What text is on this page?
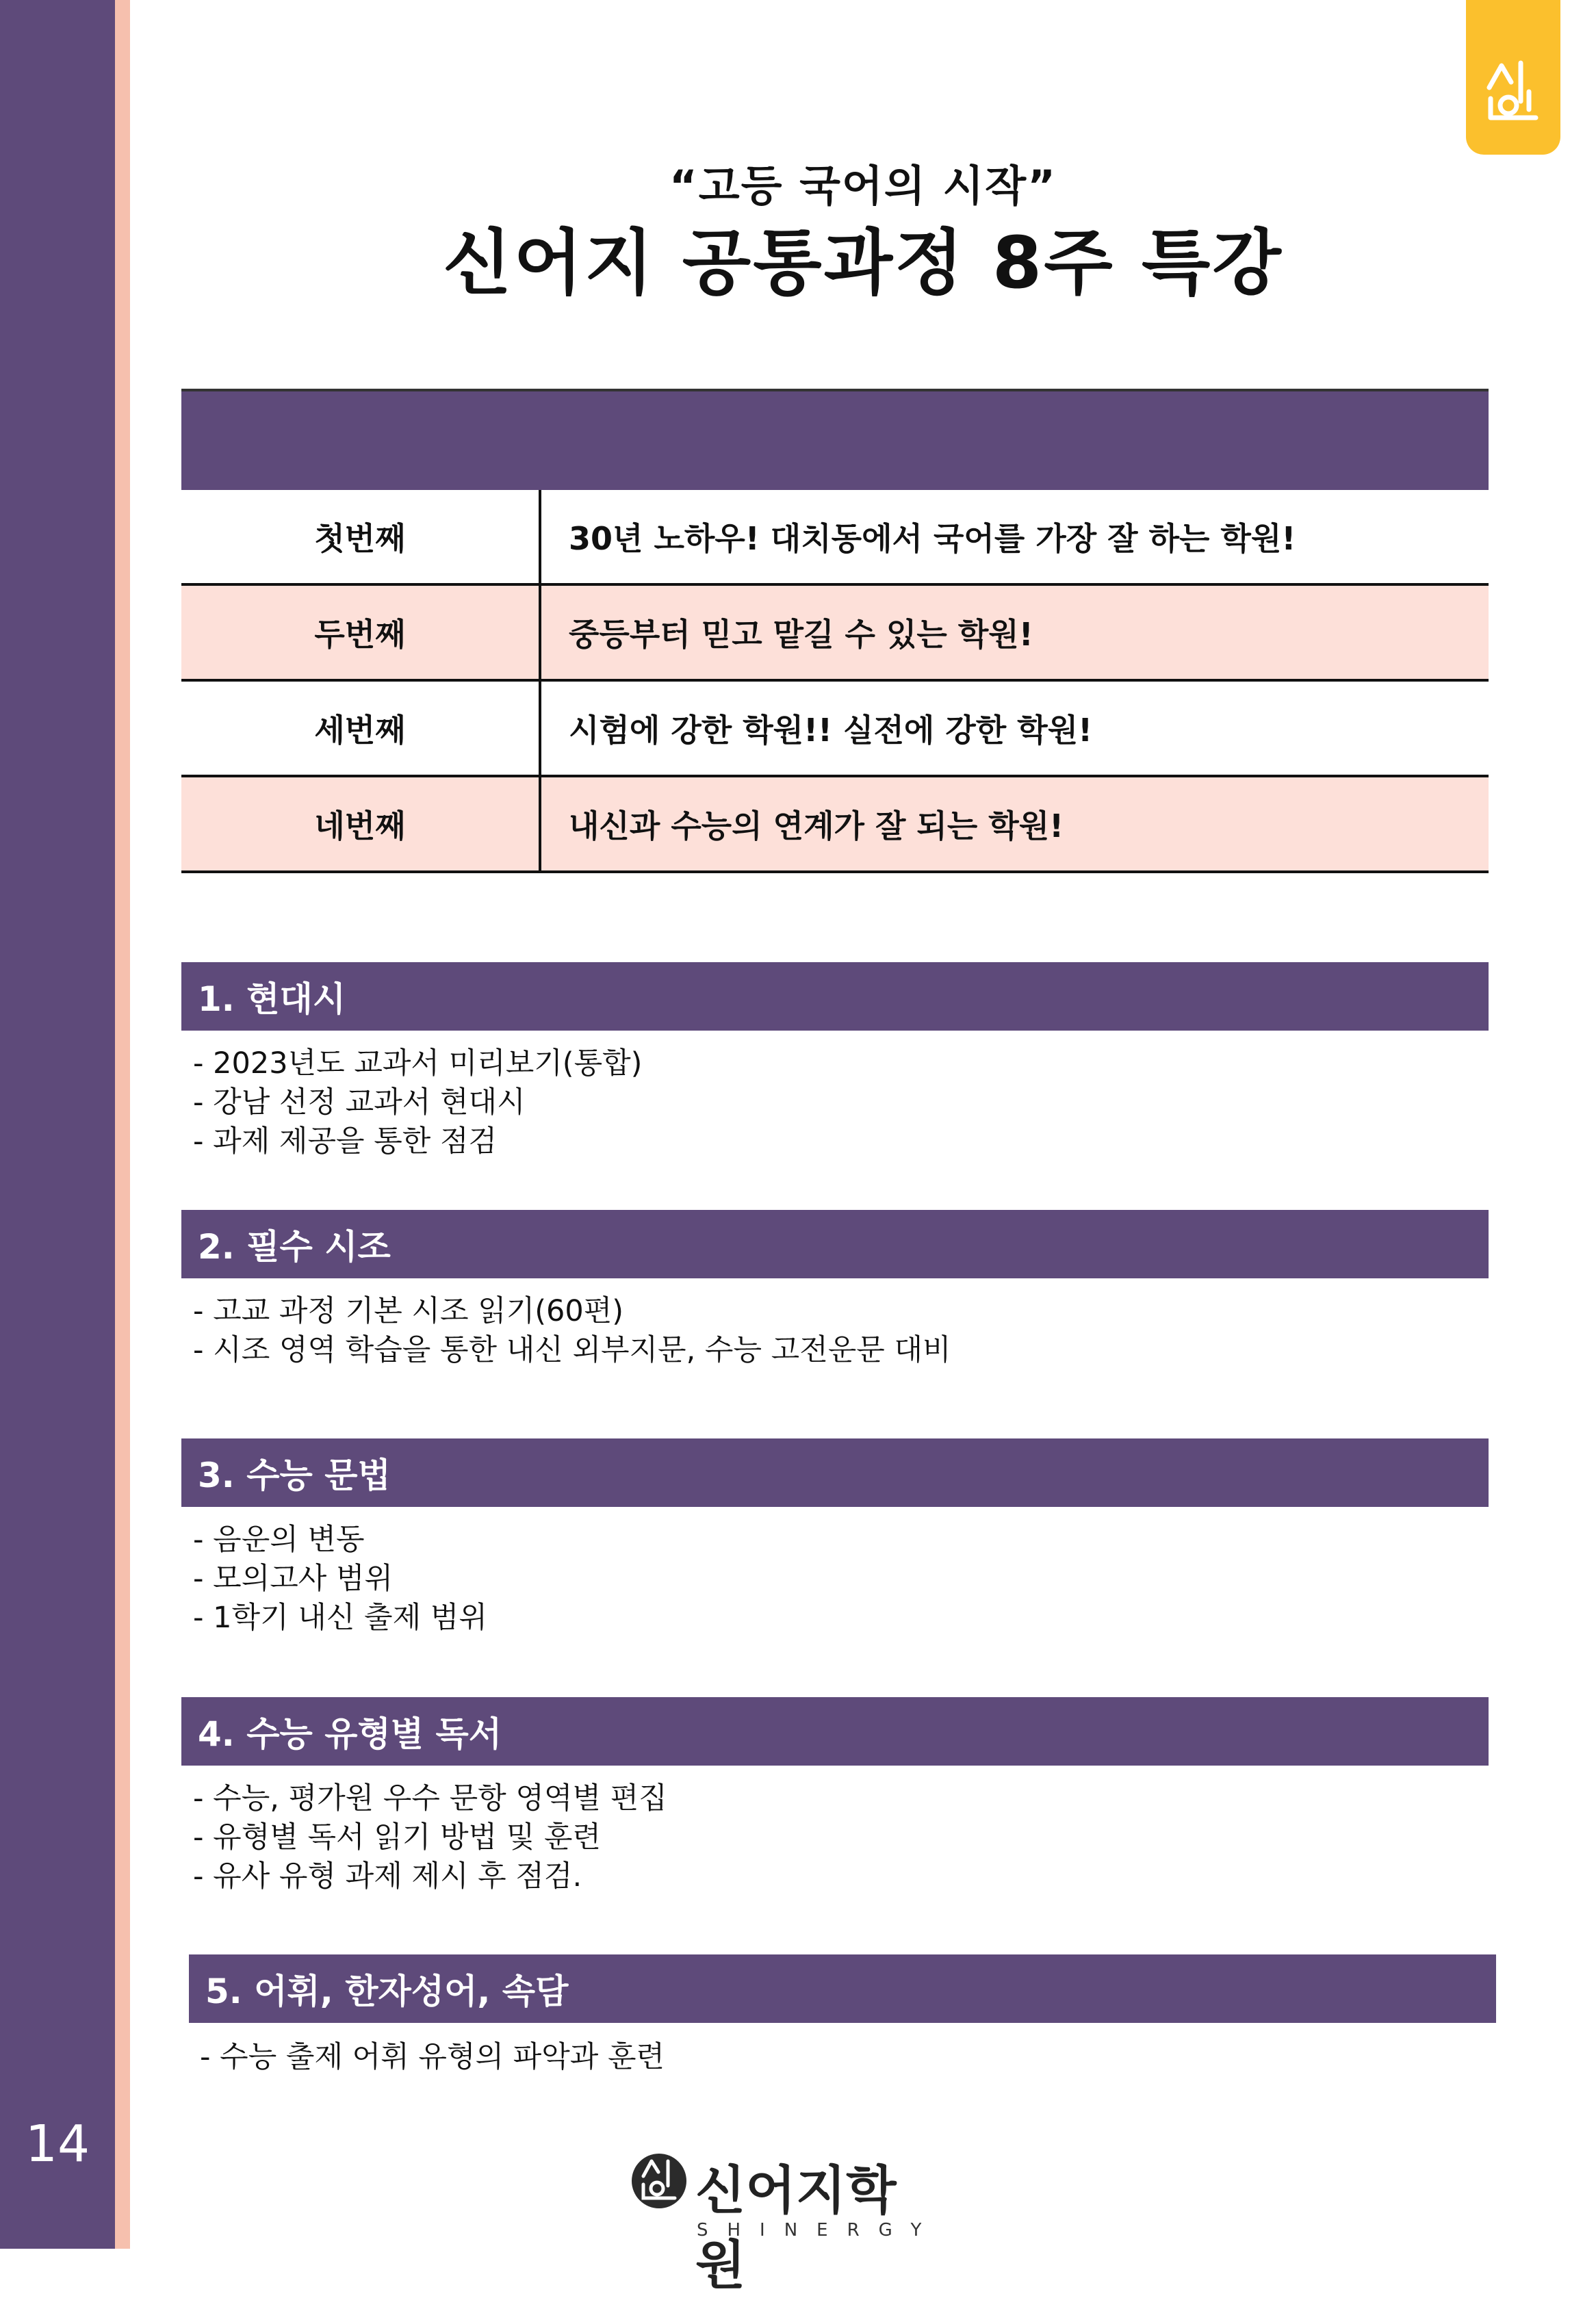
14
“고등 국어의 시작”
신어지 공통과정 8주 특강
첫번째	30년 노하우! 대치동에서 국어를 가장 잘 하는 학원!
두번째	중등부터 믿고 맡길 수 있는 학원!
세번째	시험에 강한 학원!! 실전에 강한 학원!
네번째	내신과 수능의 연계가 잘 되는 학원!
1. 현대시
- 2023년도 교과서 미리보기(통합)
- 강남 선정 교과서 현대시
- 과제 제공을 통한 점검
2. 필수 시조
- 고교 과정 기본 시조 읽기(60편)
- 시조 영역 학습을 통한 내신 외부지문, 수능 고전운문 대비
3. 수능 문법
- 음운의 변동
- 모의고사 범위
- 1학기 내신 출제 범위
4. 수능 유형별 독서
- 수능, 평가원 우수 문항 영역별 편집
- 유형별 독서 읽기 방법 및 훈련
- 유사 유형 과제 제시 후 점검.
5. 어휘, 한자성어, 속담
- 수능 출제 어휘 유형의 파악과 훈련
신어지학원
SHINERGY
